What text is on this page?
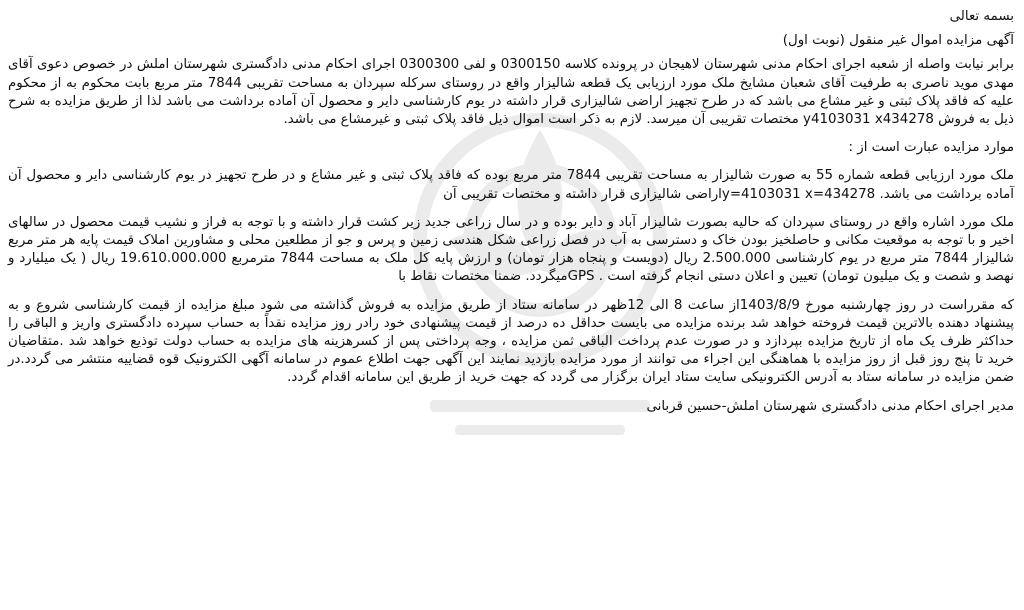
بسمه تعالی

آگهی مزایده اموال غیر منقول (نوبت اول)

برابر نیابت واصله از شعبه اجرای احکام مدنی شهرستان لاهیجان در پرونده کلاسه 0300150 و لفی 0300300 اجرای احکام مدنی دادگستری شهرستان املش در خصوص دعوی آقای مهدی موید ناصری به طرفیت آقای شعبان مشایخ ملک مورد ارزیابی یک قطعه شالیزار واقع در روستای سرکله سپردان به مساحت تقریبی 7844 متر مربع بابت محکوم به از محکوم علیه که فاقد پلاک ثبتی و غیر مشاع می باشد که در طرح تجهیز اراضی شالیزاری قرار داشته در یوم کارشناسی دایر و محصول آن آماده برداشت می باشد لذا از طریق مزایده به شرح ذیل به فروش y4103031 x434278 مختصات تقریبی آن میرسد. لازم به ذکر است اموال ذیل فاقد پلاک ثبتی و غیرمشاع می باشد.

موارد مزایده عبارت است از :

ملک مورد ارزیابی قطعه شماره 55 به صورت شالیزار به مساحت تقریبی 7844 متر مربع بوده که فاقد پلاک ثبتی و غیر مشاع و در طرح تجهیز در یوم کارشناسی دایر و محصول آن آماده برداشت می باشد. y=4103031 x=434278اراضی شالیزاری قرار داشته و مختصات تقریبی آن

ملک مورد اشاره واقع در روستای سپردان که حالیه بصورت شالیزار آباد و دایر بوده و در سال زراعی جدید زیر کشت قرار داشته و با توجه به فراز و نشیب قیمت محصول در سالهای اخیر و با توجه به موقعیت مکانی و حاصلخیز بودن خاک و دسترسی به آب در فصل زراعی شکل هندسی زمین و پرس و جو از مطلعین محلی و مشاورین املاک قیمت پایه هر متر مربع شالیزار 7844 متر مربع در یوم کارشناسی 2.500.000 ریال (دویست و پنجاه هزار تومان) و ارزش پایه کل ملک به مساحت 7844 مترمربع 19.610.000.000 ریال ( یک میلیارد و نهصد و شصت و یک میلیون تومان) تعیین و اعلان دستی انجام گرفته است . GPSمیگردد. ضمنا مختصات نقاط با

که مقرراست در روز چهارشنبه مورخ 1403/8/9از ساعت 8 الی 12ظهر در سامانه ستاد از طریق مزایده به فروش گذاشته می شود مبلغ مزایده از قیمت کارشناسی شروع و به پیشنهاد دهنده بالاترین قیمت فروخته خواهد شد برنده مزایده می بایست حداقل ده درصد از قیمت پیشنهادی خود رادر روز مزایده نقداً به حساب سپرده دادگستری واریز و الباقی را حداکثر ظرف یک ماه از تاریخ مزایده بپردازد و در صورت عدم پرداخت الباقی ثمن مزایده ، وجه پرداختی پس از کسرهزینه های مزایده به حساب دولت توذیع خواهد شد .متقاضیان خرید تا پنج روز قبل از روز مزایده با هماهنگی این اجراء می توانند از مورد مزایده بازدید نمایند این آگهی جهت اطلاع عموم در سامانه آگهی الکترونیک قوه قضاییه منتشر می گردد.در ضمن مزایده در سامانه ستاد به آدرس الکترونیکی سایت ستاد ایران برگزار می گردد که جهت خرید از طریق این سامانه اقدام گردد.

مدیر اجرای احکام مدنی دادگستری شهرستان املش-حسین قربانی
